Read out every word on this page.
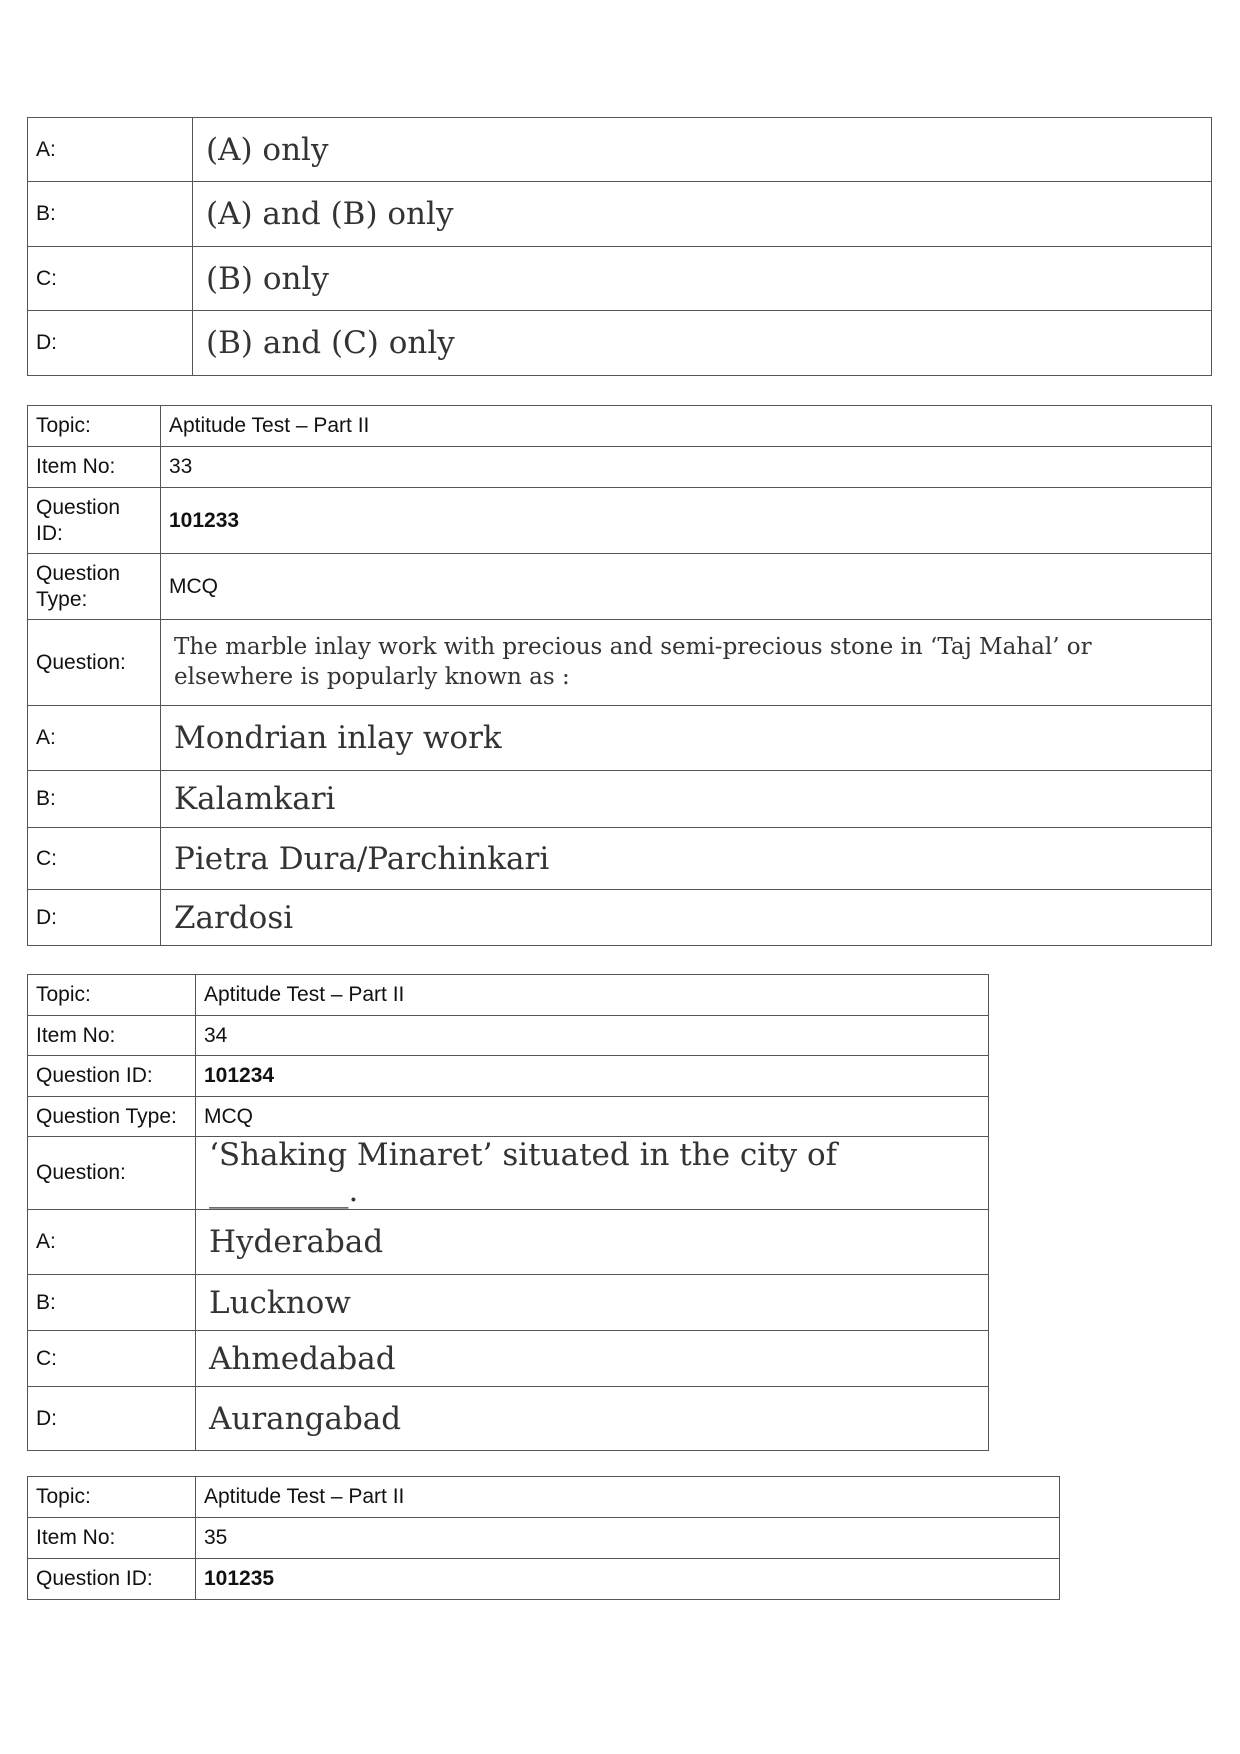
A:	(A) only
B:	(A) and (B) only
C:	(B) only
D:	(B) and (C) only
Topic:	Aptitude Test – Part II
Item No:	33
Question ID:	101233
Question Type:	MCQ
Question:	The marble inlay work with precious and semi-precious stone in ‘Taj Mahal’ or elsewhere is popularly known as :
A:	Mondrian inlay work
B:	Kalamkari
C:	Pietra Dura/Parchinkari
D:	Zardosi
Topic:	Aptitude Test – Part II
Item No:	34
Question ID:	101234
Question Type:	MCQ
Question:	‘Shaking Minaret’ situated in the city of _________.
A:	Hyderabad
B:	Lucknow
C:	Ahmedabad
D:	Aurangabad
Topic:	Aptitude Test – Part II
Item No:	35
Question ID:	101235
